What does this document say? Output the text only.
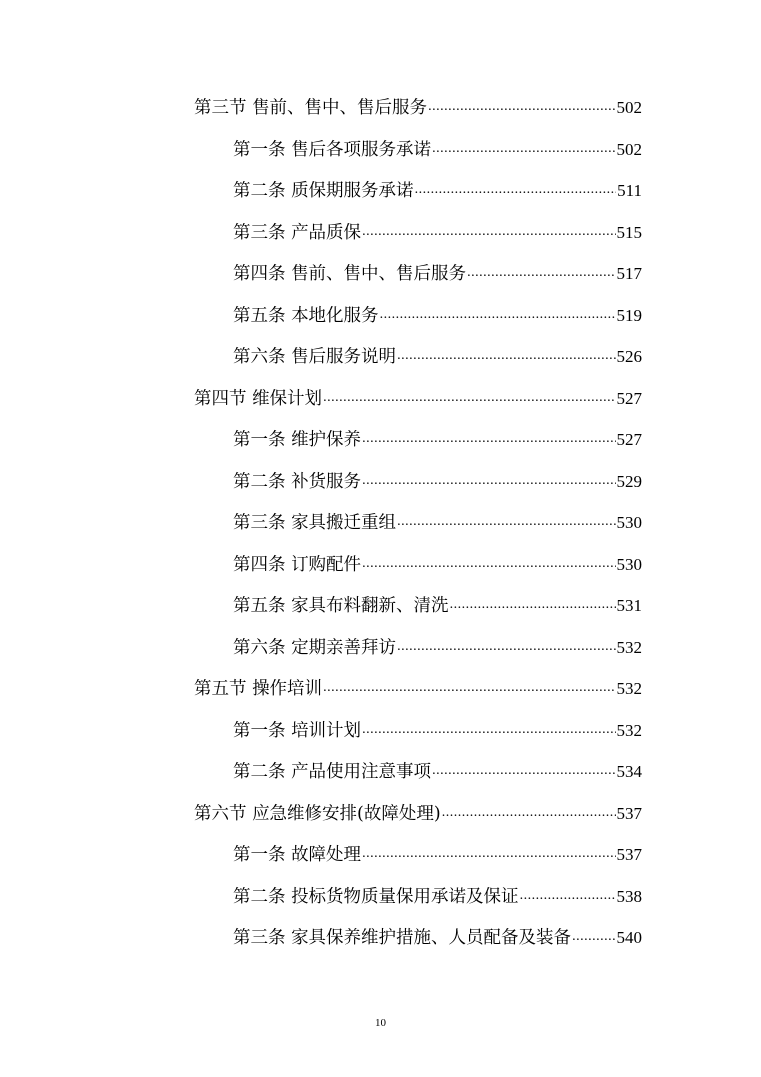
第三节 售前、售中、售后服务 .....	502
第一条 售后各项服务承诺 .....	502
第二条 质保期服务承诺 .....	511
第三条 产品质保 .....	515
第四条 售前、售中、售后服务 .....	517
第五条 本地化服务 .....	519
第六条 售后服务说明 .....	526
第四节 维保计划 .....	527
第一条 维护保养 .....	527
第二条 补货服务 .....	529
第三条 家具搬迁重组 .....	530
第四条 订购配件 .....	530
第五条 家具布料翻新、清洗 .....	531
第六条 定期亲善拜访 .....	532
第五节 操作培训 .....	532
第一条 培训计划 .....	532
第二条 产品使用注意事项 .....	534
第六节 应急维修安排(故障处理) .....	537
第一条 故障处理 .....	537
第二条 投标货物质量保用承诺及保证 .....	538
第三条 家具保养维护措施、人员配备及装备 .....	540
10
